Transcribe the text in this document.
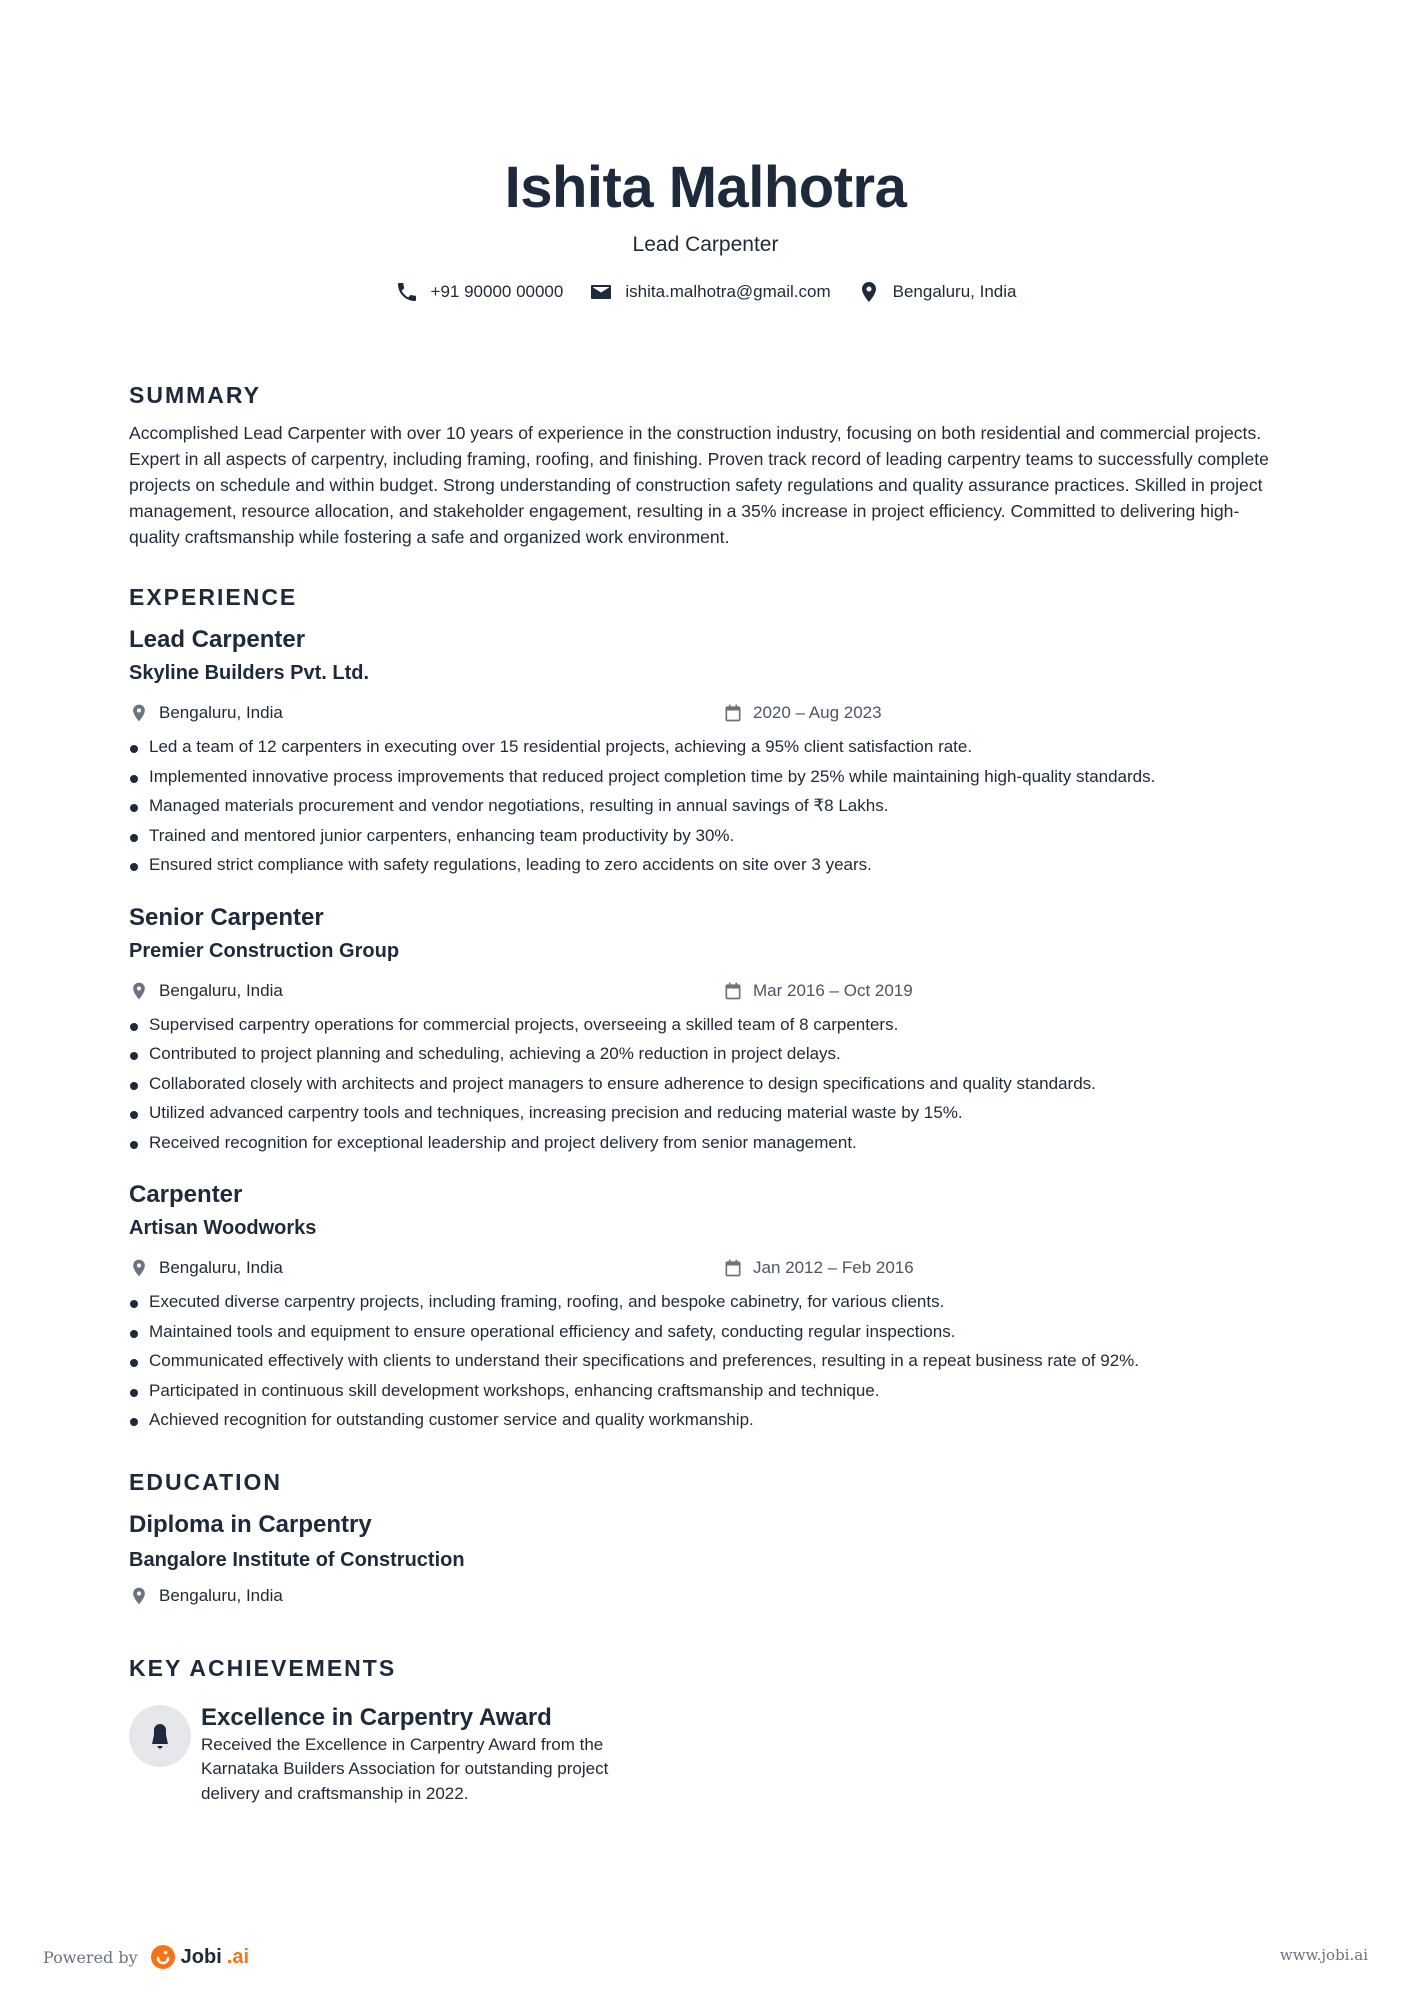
Ishita Malhotra
Lead Carpenter
+91 90000 00000	ishita.malhotra@gmail.com	Bengaluru, India
SUMMARY

Accomplished Lead Carpenter with over 10 years of experience in the construction industry, focusing on both residential and commercial projects. Expert in all aspects of carpentry, including framing, roofing, and finishing. Proven track record of leading carpentry teams to successfully complete projects on schedule and within budget. Strong understanding of construction safety regulations and quality assurance practices. Skilled in project management, resource allocation, and stakeholder engagement, resulting in a 35% increase in project efficiency. Committed to delivering high-quality craftsmanship while fostering a safe and organized work environment.

EXPERIENCE
Lead Carpenter
Skyline Builders Pvt. Ltd.
Bengaluru, India	2020 – Aug 2023
Led a team of 12 carpenters in executing over 15 residential projects, achieving a 95% client satisfaction rate.
Implemented innovative process improvements that reduced project completion time by 25% while maintaining high-quality standards.
Managed materials procurement and vendor negotiations, resulting in annual savings of ₹8 Lakhs.
Trained and mentored junior carpenters, enhancing team productivity by 30%.
Ensured strict compliance with safety regulations, leading to zero accidents on site over 3 years.
Senior Carpenter
Premier Construction Group
Bengaluru, India	Mar 2016 – Oct 2019
Supervised carpentry operations for commercial projects, overseeing a skilled team of 8 carpenters.
Contributed to project planning and scheduling, achieving a 20% reduction in project delays.
Collaborated closely with architects and project managers to ensure adherence to design specifications and quality standards.
Utilized advanced carpentry tools and techniques, increasing precision and reducing material waste by 15%.
Received recognition for exceptional leadership and project delivery from senior management.
Carpenter
Artisan Woodworks
Bengaluru, India	Jan 2012 – Feb 2016
Executed diverse carpentry projects, including framing, roofing, and bespoke cabinetry, for various clients.
Maintained tools and equipment to ensure operational efficiency and safety, conducting regular inspections.
Communicated effectively with clients to understand their specifications and preferences, resulting in a repeat business rate of 92%.
Participated in continuous skill development workshops, enhancing craftsmanship and technique.
Achieved recognition for outstanding customer service and quality workmanship.
EDUCATION
Diploma in Carpentry
Bangalore Institute of Construction
Bengaluru, India
KEY ACHIEVEMENTS
Excellence in Carpentry Award
Received the Excellence in Carpentry Award from the Karnataka Builders Association for outstanding project delivery and craftsmanship in 2022.
Powered by Jobi .ai	www.jobi.ai
